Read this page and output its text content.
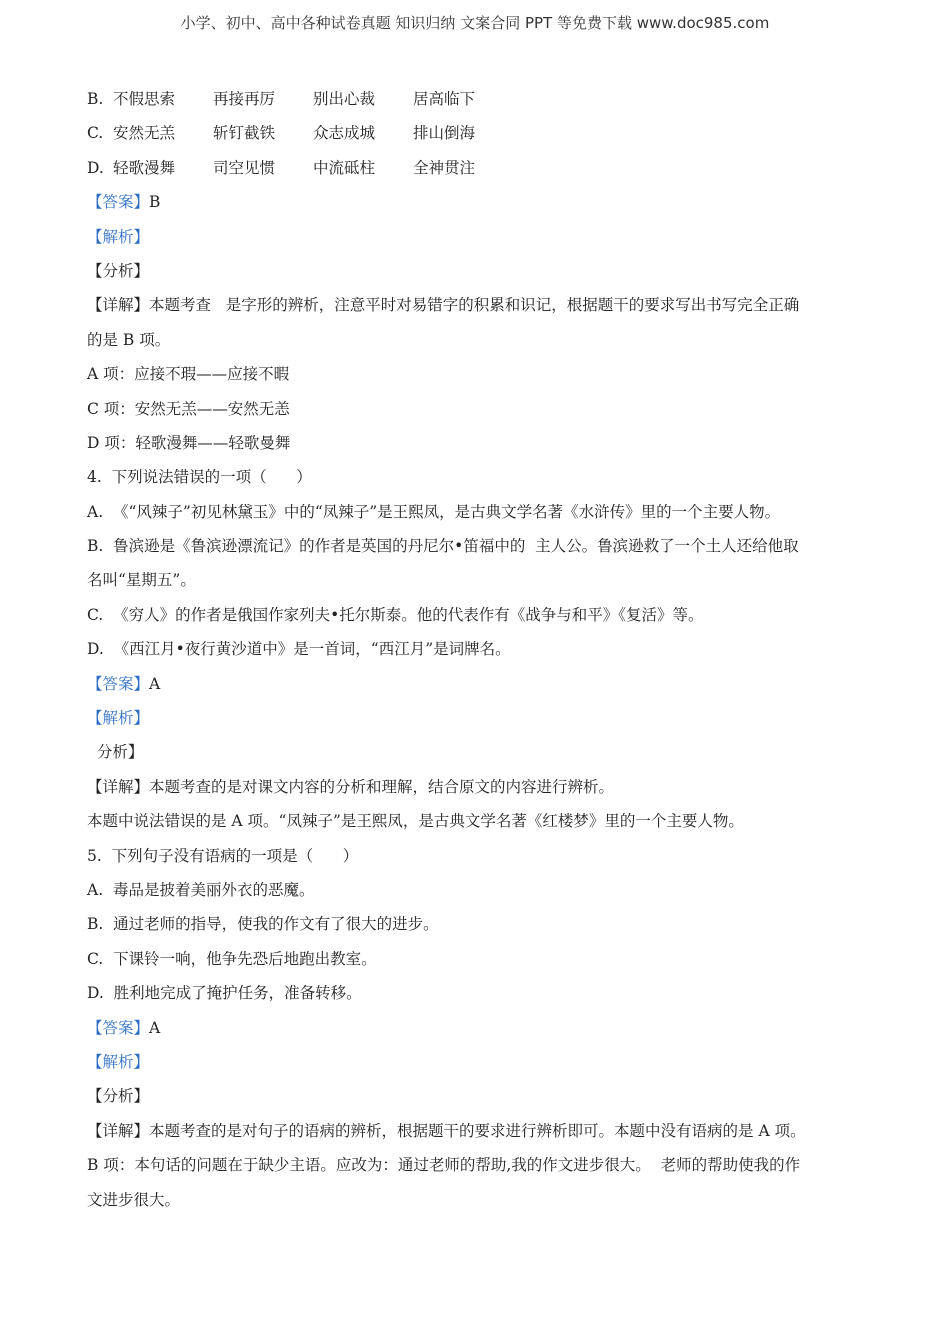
小学、初中、高中各种试卷真题 知识归纳 文案合同 PPT 等免费下载 www.doc985.com
B. 不假思索 再接再厉 别出心裁 居高临下
C. 安然无羔 斩钉截铁 众志成城 排山倒海
D. 轻歌漫舞 司空见惯 中流砥柱 全神贯注
【答案】B
【解析】
【分析】
【详解】本题考查   是字形的辨析，注意平时对易错字的积累和识记，根据题干的要求写出书写完全正确
的是 B 项。
A 项：应接不瑕——应接不暇
C 项：安然无羔——安然无恙
D 项：轻歌漫舞——轻歌曼舞
4.  下列说法错误的一项（      ）
A.  《“风辣子”初见林黛玉》中的“凤辣子”是王熙凤，是古典文学名著《水浒传》里的一个主要人物。
B.  鲁滨逊是《鲁滨逊漂流记》的作者是英国的丹尼尔•笛福中的  主人公。鲁滨逊救了一个土人还给他取
名叫“星期五”。
C.  《穷人》的作者是俄国作家列夫•托尔斯泰。他的代表作有《战争与和平》《复活》等。
D.  《西江月•夜行黄沙道中》是一首词，“西江月”是词牌名。
【答案】A
【解析】
分析】
【详解】本题考查的是对课文内容的分析和理解，结合原文的内容进行辨析。
本题中说法错误的是 A 项。“凤辣子”是王熙凤，是古典文学名著《红楼梦》里的一个主要人物。
5.  下列句子没有语病的一项是（      ）
A.  毒品是披着美丽外衣的恶魔。
B.  通过老师的指导，使我的作文有了很大的进步。
C.  下课铃一响，他争先恐后地跑出教室。
D.  胜利地完成了掩护任务，准备转移。
【答案】A
【解析】
【分析】
【详解】本题考查的是对句子的语病的辨析，根据题干的要求进行辨析即可。本题中没有语病的是 A 项。
B 项：本句话的问题在于缺少主语。应改为：通过老师的帮助,我的作文进步很大。  老师的帮助使我的作
文进步很大。
